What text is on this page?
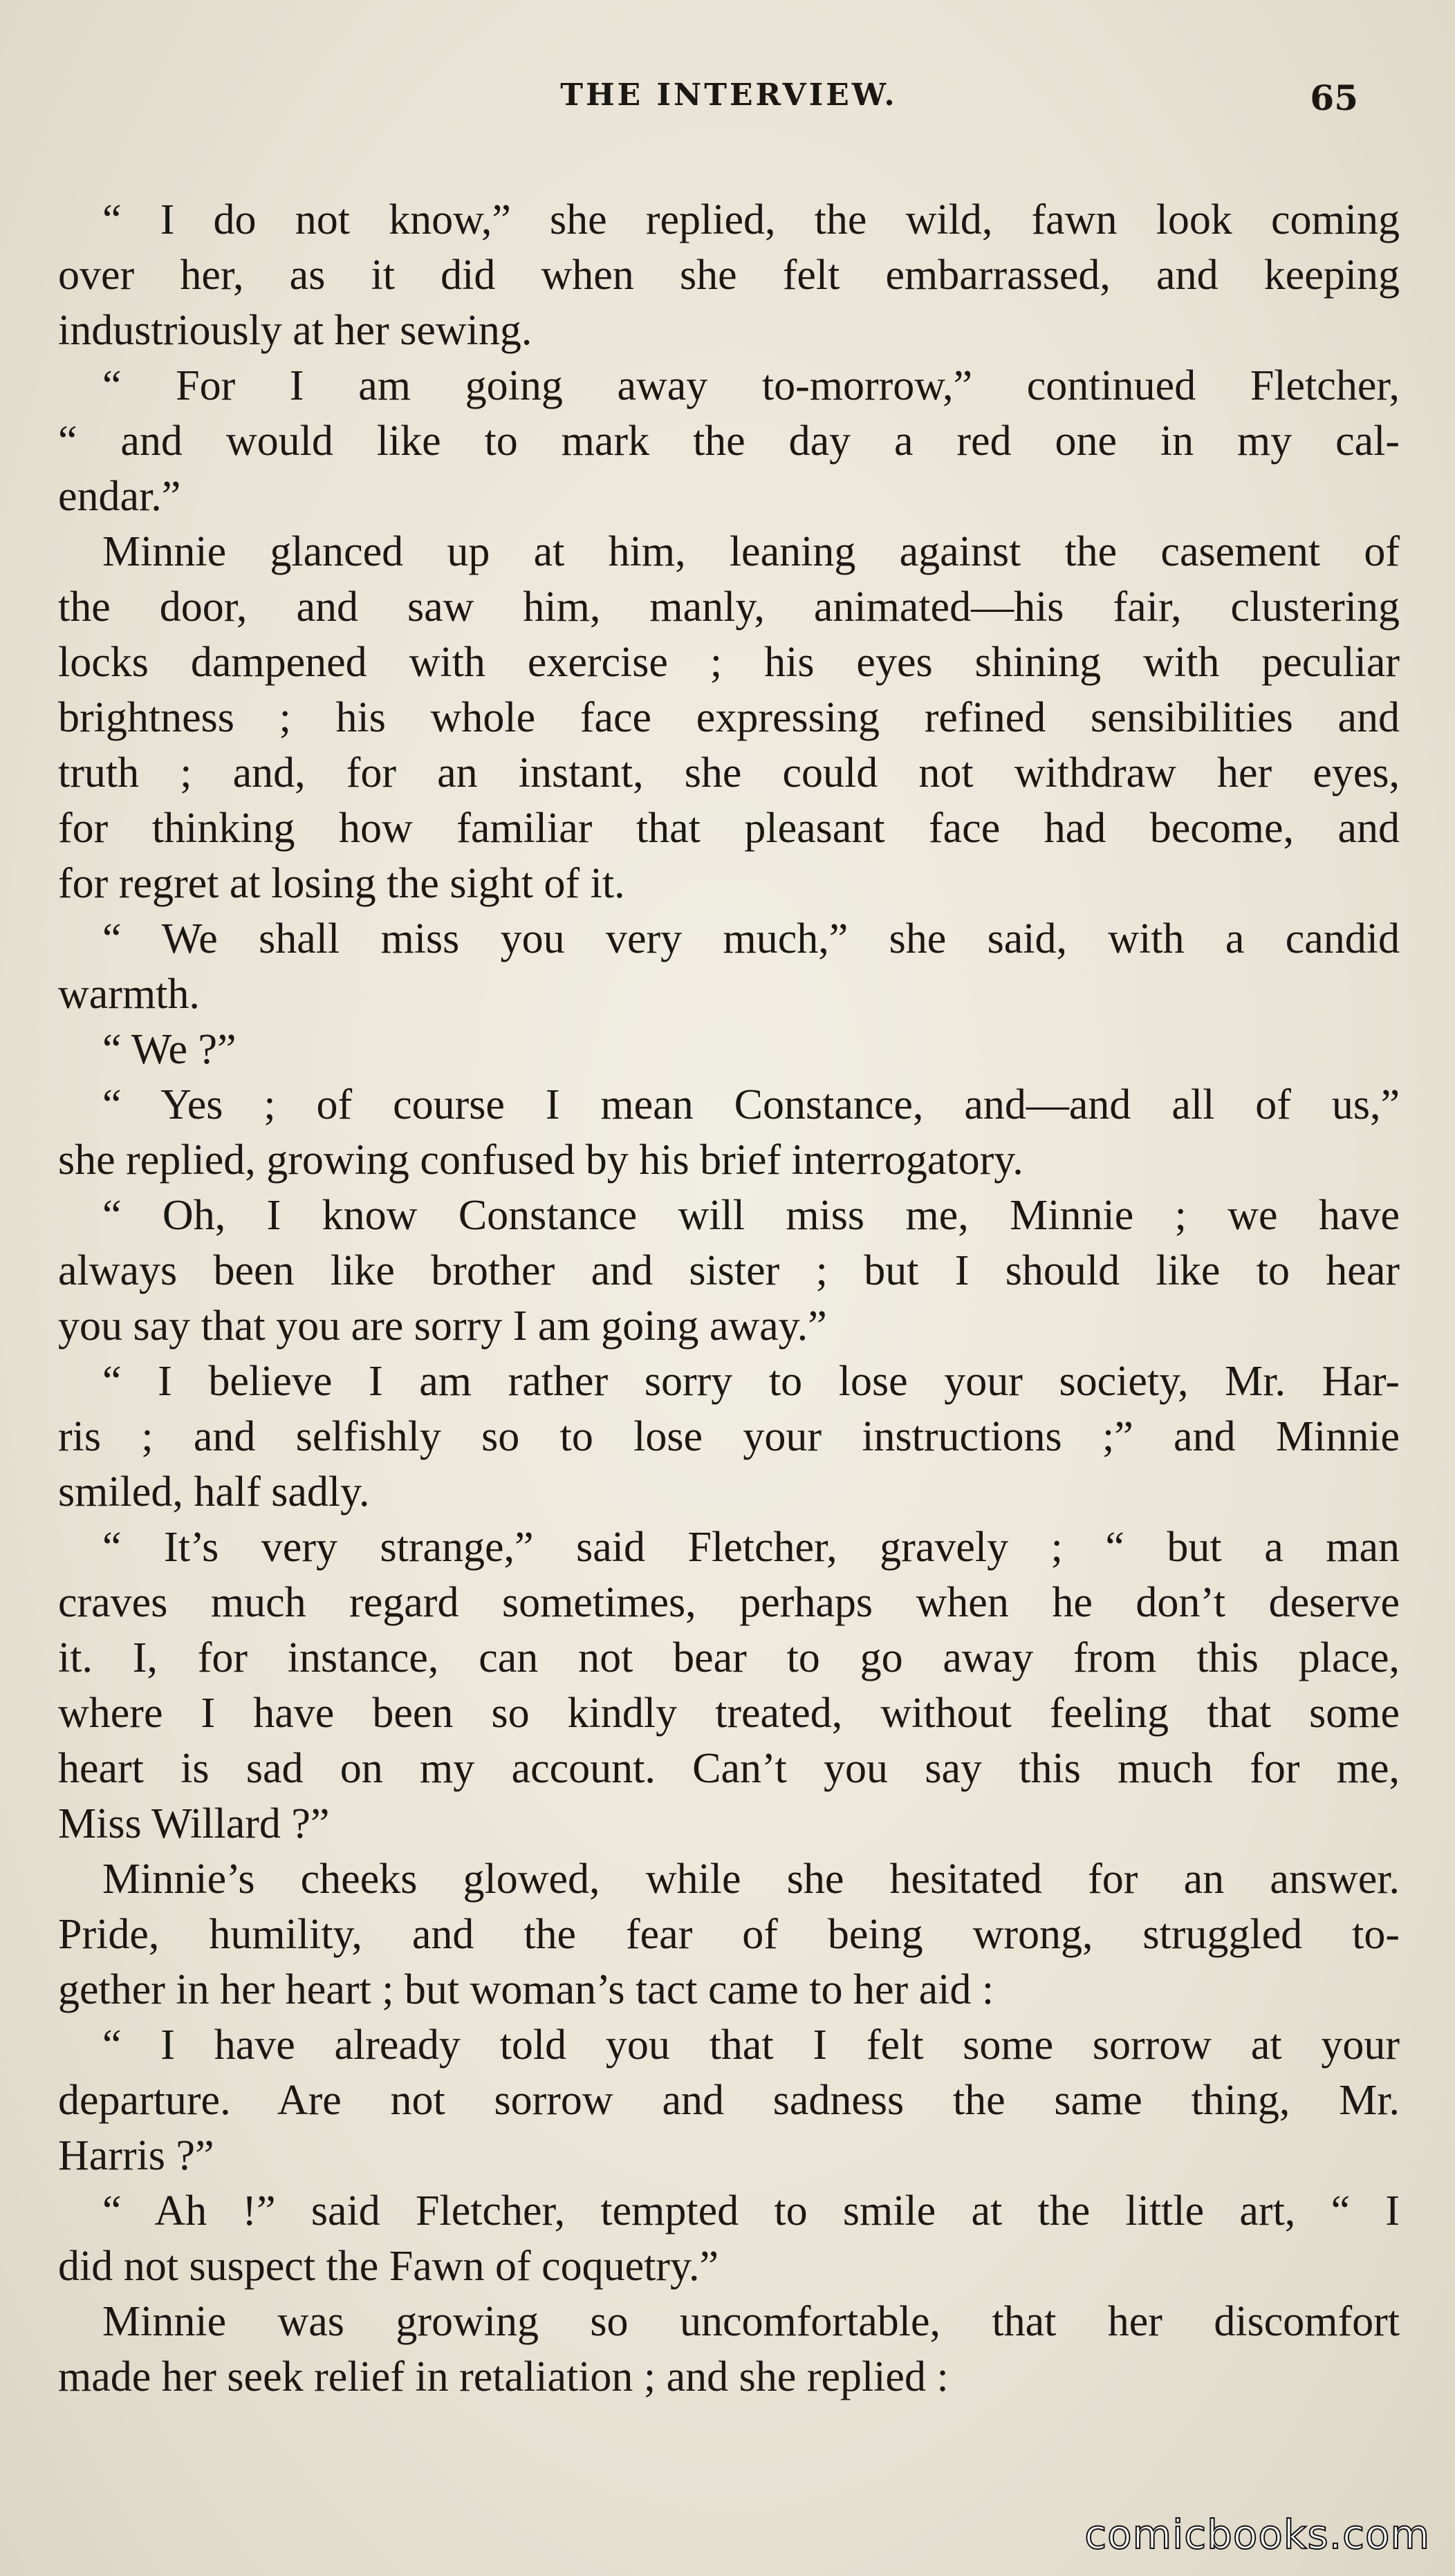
THE INTERVIEW.	65
“ I do not know,” she replied, the wild, fawn look coming
over her, as it did when she felt embarrassed, and keeping
industriously at her sewing.
“ For I am going away to-morrow,” continued Fletcher,
“ and would like to mark the day a red one in my cal-
endar.”
Minnie glanced up at him, leaning against the casement of
the door, and saw him, manly, animated—his fair, clustering
locks dampened with exercise ; his eyes shining with peculiar
brightness ; his whole face expressing refined sensibilities and
truth ; and, for an instant, she could not withdraw her eyes,
for thinking how familiar that pleasant face had become, and
for regret at losing the sight of it.
“ We shall miss you very much,” she said, with a candid
warmth.
“ We ?”
“ Yes ; of course I mean Constance, and—and all of us,”
she replied, growing confused by his brief interrogatory.
“ Oh, I know Constance will miss me, Minnie ; we have
always been like brother and sister ; but I should like to hear
you say that you are sorry I am going away.”
“ I believe I am rather sorry to lose your society, Mr. Har-
ris ; and selfishly so to lose your instructions ;” and Minnie
smiled, half sadly.
“ It’s very strange,” said Fletcher, gravely ; “ but a man
craves much regard sometimes, perhaps when he don’t deserve
it. I, for instance, can not bear to go away from this place,
where I have been so kindly treated, without feeling that some
heart is sad on my account. Can’t you say this much for me,
Miss Willard ?”
Minnie’s cheeks glowed, while she hesitated for an answer.
Pride, humility, and the fear of being wrong, struggled to-
gether in her heart ; but woman’s tact came to her aid :
“ I have already told you that I felt some sorrow at your
departure. Are not sorrow and sadness the same thing, Mr.
Harris ?”
“ Ah !” said Fletcher, tempted to smile at the little art, “ I
did not suspect the Fawn of coquetry.”
Minnie was growing so uncomfortable, that her discomfort
made her seek relief in retaliation ; and she replied :
comicbooks.com
